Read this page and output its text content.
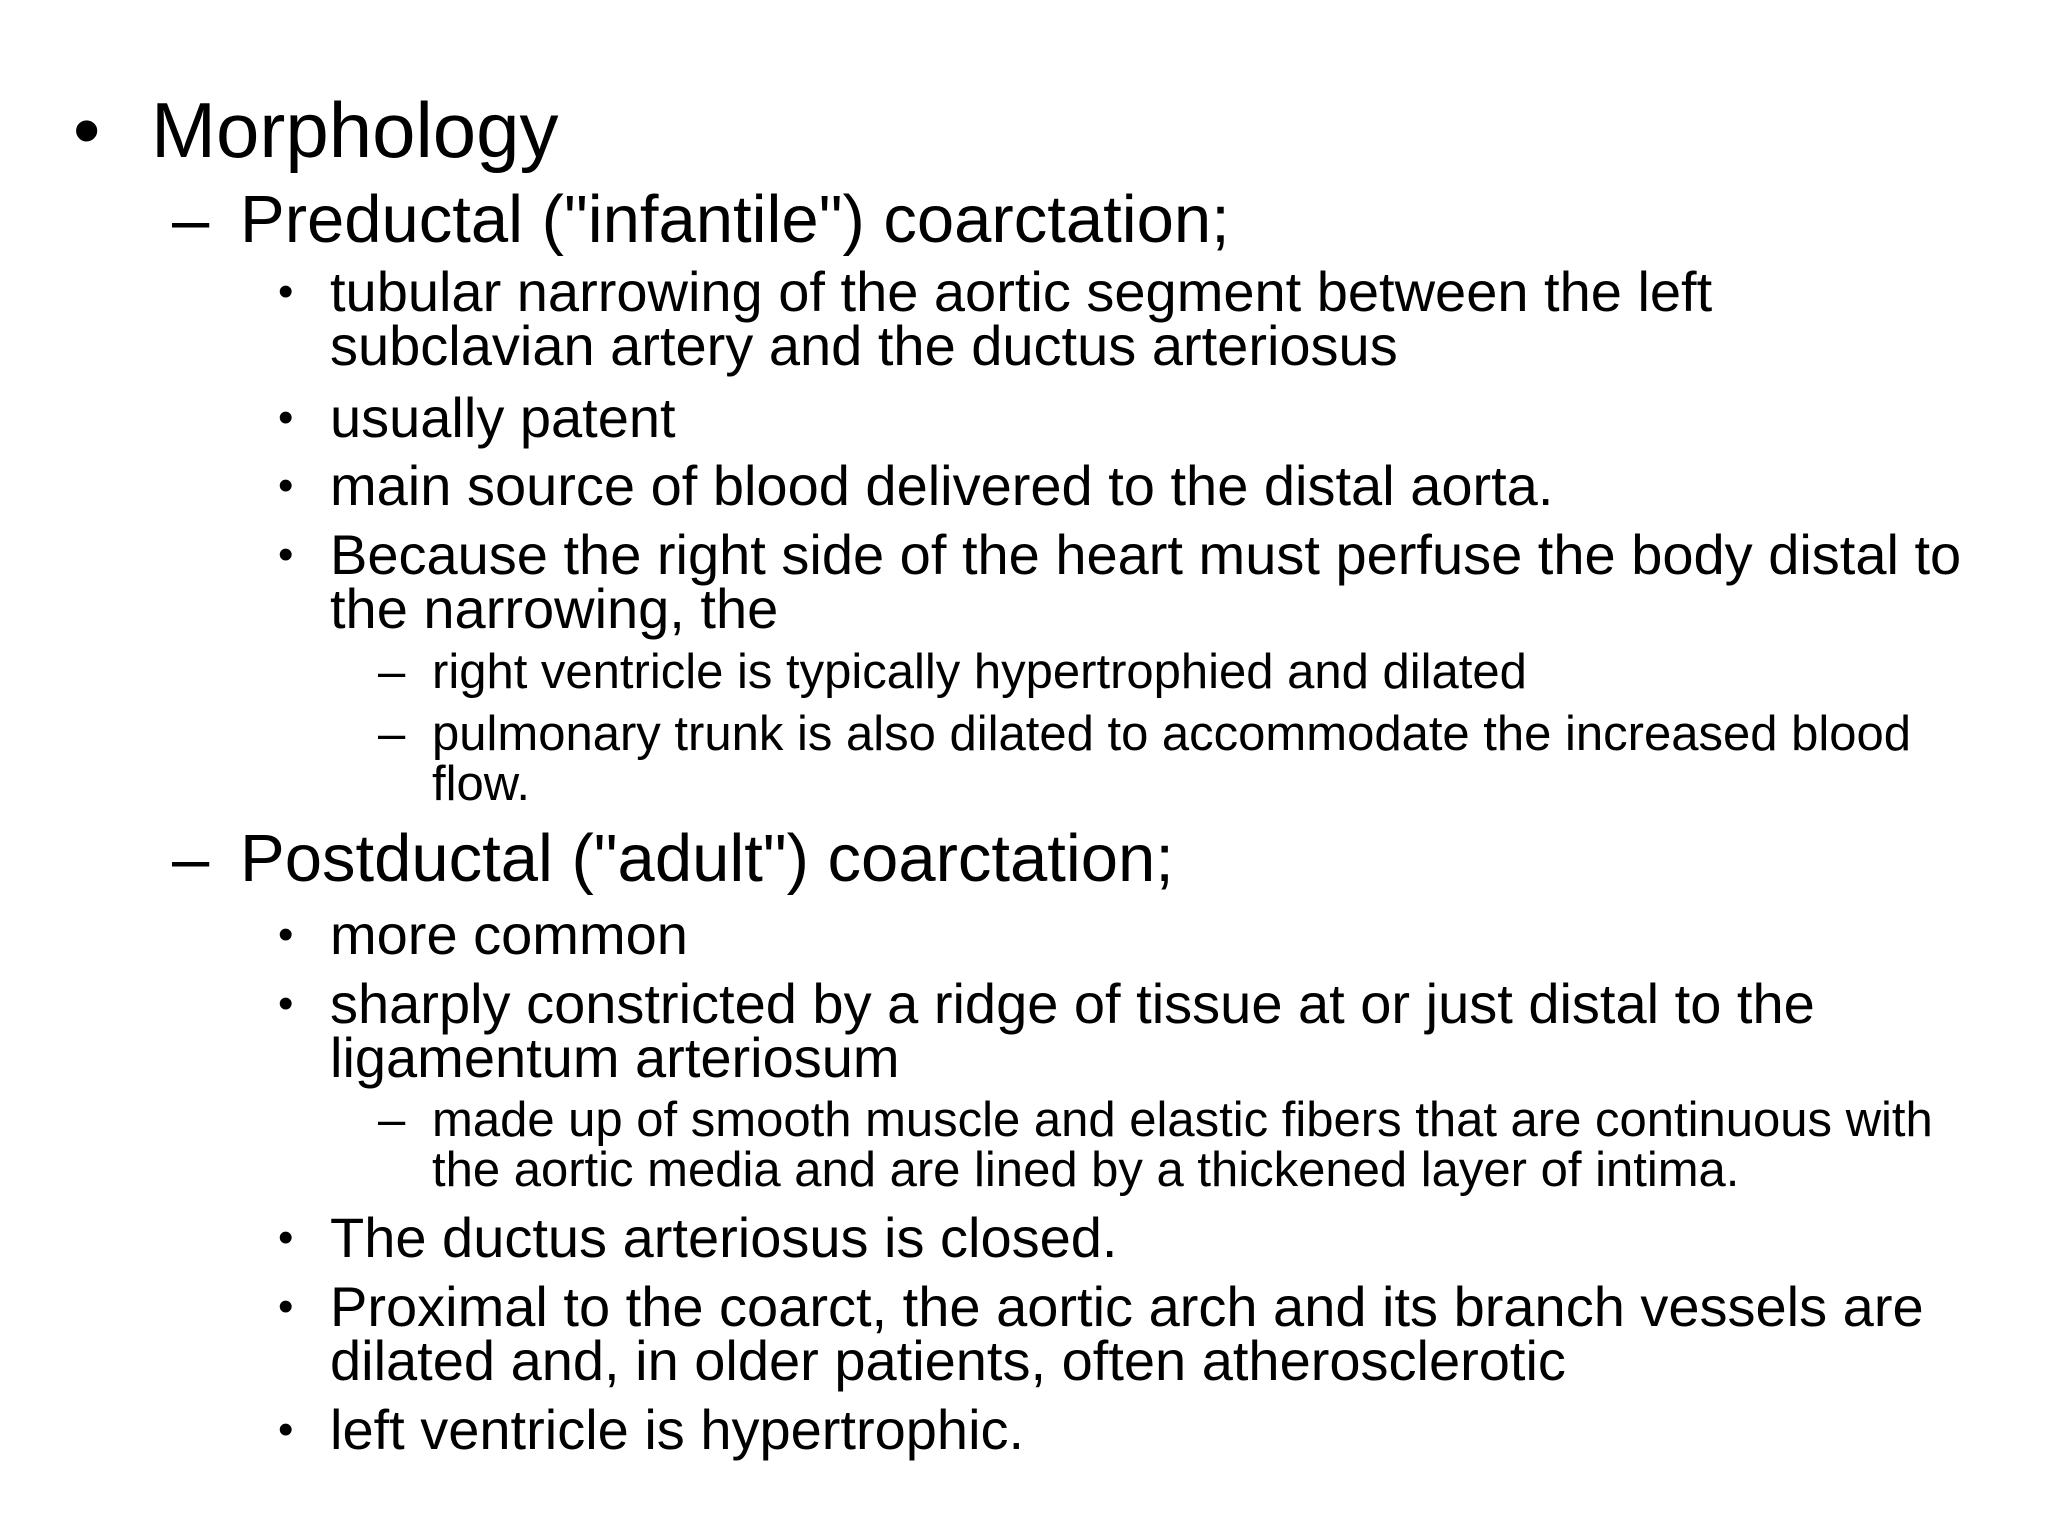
• Morphology
– Preductal ("infantile") coarctation;
• tubular narrowing of the aortic segment between the left
subclavian artery and the ductus arteriosus
• usually patent
• main source of blood delivered to the distal aorta.
• Because the right side of the heart must perfuse the body distal to
the narrowing, the
– right ventricle is typically hypertrophied and dilated
– pulmonary trunk is also dilated to accommodate the increased blood
flow.
– Postductal ("adult") coarctation;
• more common
• sharply constricted by a ridge of tissue at or just distal to the
ligamentum arteriosum
– made up of smooth muscle and elastic fibers that are continuous with
the aortic media and are lined by a thickened layer of intima.
• The ductus arteriosus is closed.
• Proximal to the coarct, the aortic arch and its branch vessels are
dilated and, in older patients, often atherosclerotic
• left ventricle is hypertrophic.
